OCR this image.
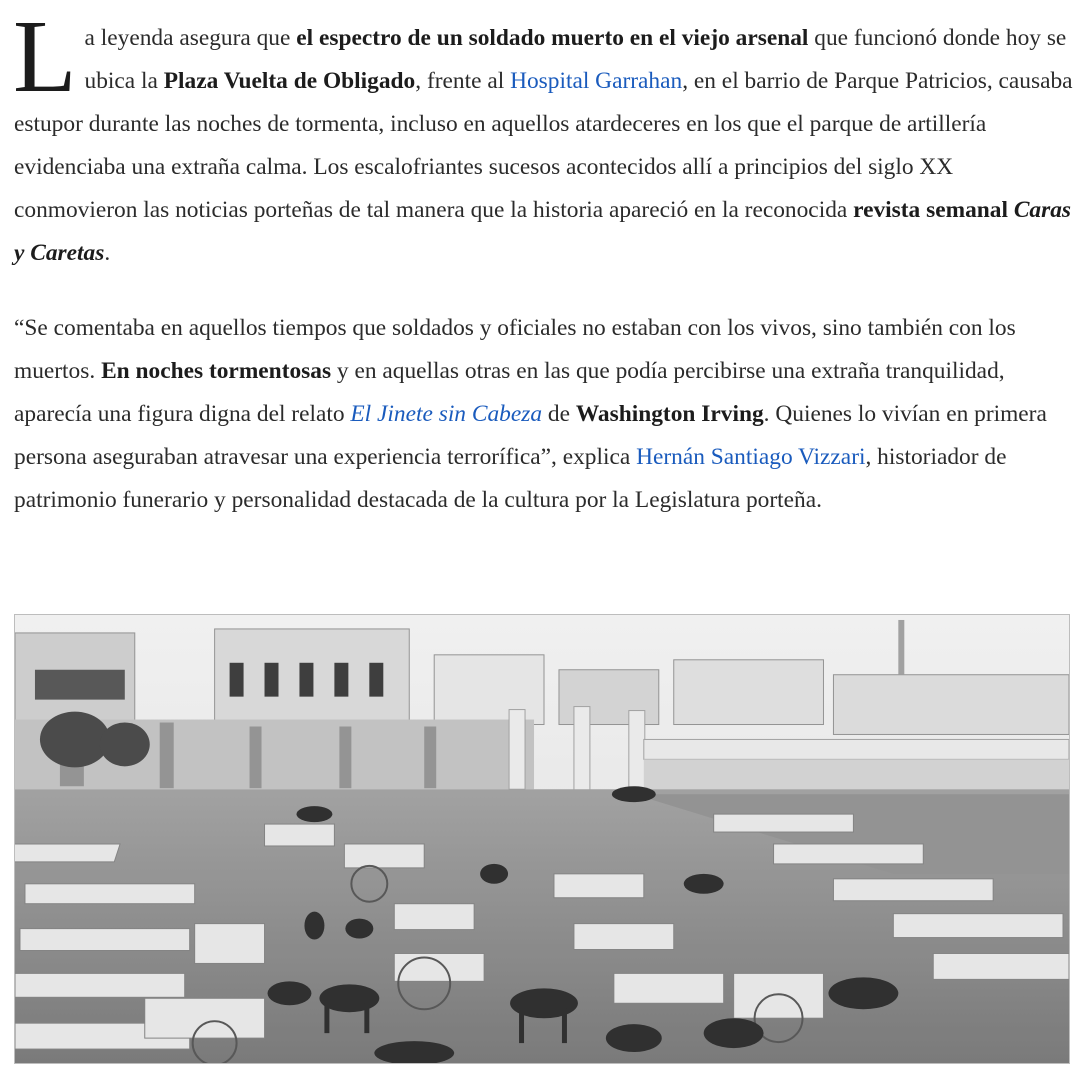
La leyenda asegura que el espectro de un soldado muerto en el viejo arsenal que funcionó donde hoy se ubica la Plaza Vuelta de Obligado, frente al Hospital Garrahan, en el barrio de Parque Patricios, causaba estupor durante las noches de tormenta, incluso en aquellos atardeceres en los que el parque de artillería evidenciaba una extraña calma. Los escalofriantes sucesos acontecidos allí a principios del siglo XX conmovieron las noticias porteñas de tal manera que la historia apareció en la reconocida revista semanal Caras y Caretas.

“Se comentaba en aquellos tiempos que soldados y oficiales no estaban con los vivos, sino también con los muertos. En noches tormentosas y en aquellas otras en las que podía percibirse una extraña tranquilidad, aparecía una figura digna del relato El Jinete sin Cabeza de Washington Irving. Quienes lo vivían en primera persona aseguraban atravesar una experiencia terrorífica”, explica Hernán Santiago Vizzari, historiador de patrimonio funerario y personalidad destacada de la cultura por la Legislatura porteña.
